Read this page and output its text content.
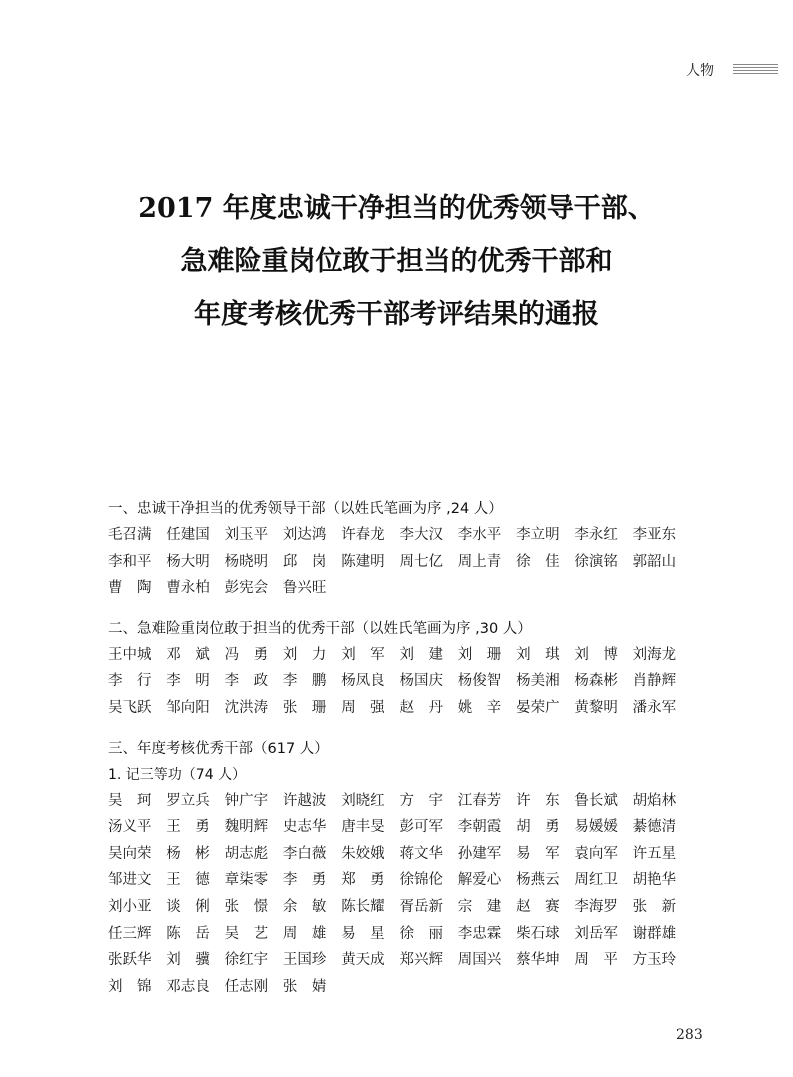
人物
2017 年度忠诚干净担当的优秀领导干部、
急难险重岗位敢于担当的优秀干部和
年度考核优秀干部考评结果的通报
一、忠诚干净担当的优秀领导干部（以姓氏笔画为序 ,24 人）
毛召满	任建国	刘玉平	刘达鸿	许春龙	李大汉	李水平	李立明	李永红	李亚东
李和平	杨大明	杨晓明	邱　岗	陈建明	周七亿	周上青	徐　佳	徐演铭	郭韶山
曹　陶	曹永柏	彭宪会	鲁兴旺
二、急难险重岗位敢于担当的优秀干部（以姓氏笔画为序 ,30 人）
王中城	邓　斌	冯　勇	刘　力	刘　军	刘　建	刘　珊	刘　琪	刘　博	刘海龙
李　行	李　明	李　政	李　鹏	杨凤良	杨国庆	杨俊智	杨美湘	杨森彬	肖静辉
吴飞跃	邹向阳	沈洪涛	张　珊	周　强	赵　丹	姚　辛	晏荣广	黄黎明	潘永军
三、年度考核优秀干部（617 人）
1. 记三等功（74 人）
吴　珂	罗立兵	钟广宇	许越波	刘晓红	方　宇	江春芳	许　东	鲁长斌	胡焰林
汤义平	王　勇	魏明辉	史志华	唐丰旻	彭可军	李朝霞	胡　勇	易媛媛	綦德清
吴向荣	杨　彬	胡志彪	李白薇	朱姣娥	蒋文华	孙建军	易　军	袁向军	许五星
邹进文	王　德	章柒零	李　勇	郑　勇	徐锦伦	解爱心	杨燕云	周红卫	胡艳华
刘小亚	谈　俐	张　憬	余　敏	陈长耀	胥岳新	宗　建	赵　赛	李海罗	张　新
任三辉	陈　岳	吴　艺	周　雄	易　星	徐　丽	李忠霖	柴石球	刘岳军	谢群雄
张跃华	刘　骥	徐红宇	王国珍	黄天成	郑兴辉	周国兴	蔡华坤	周　平	方玉玲
刘　锦	邓志良	任志刚	张　婧
283
